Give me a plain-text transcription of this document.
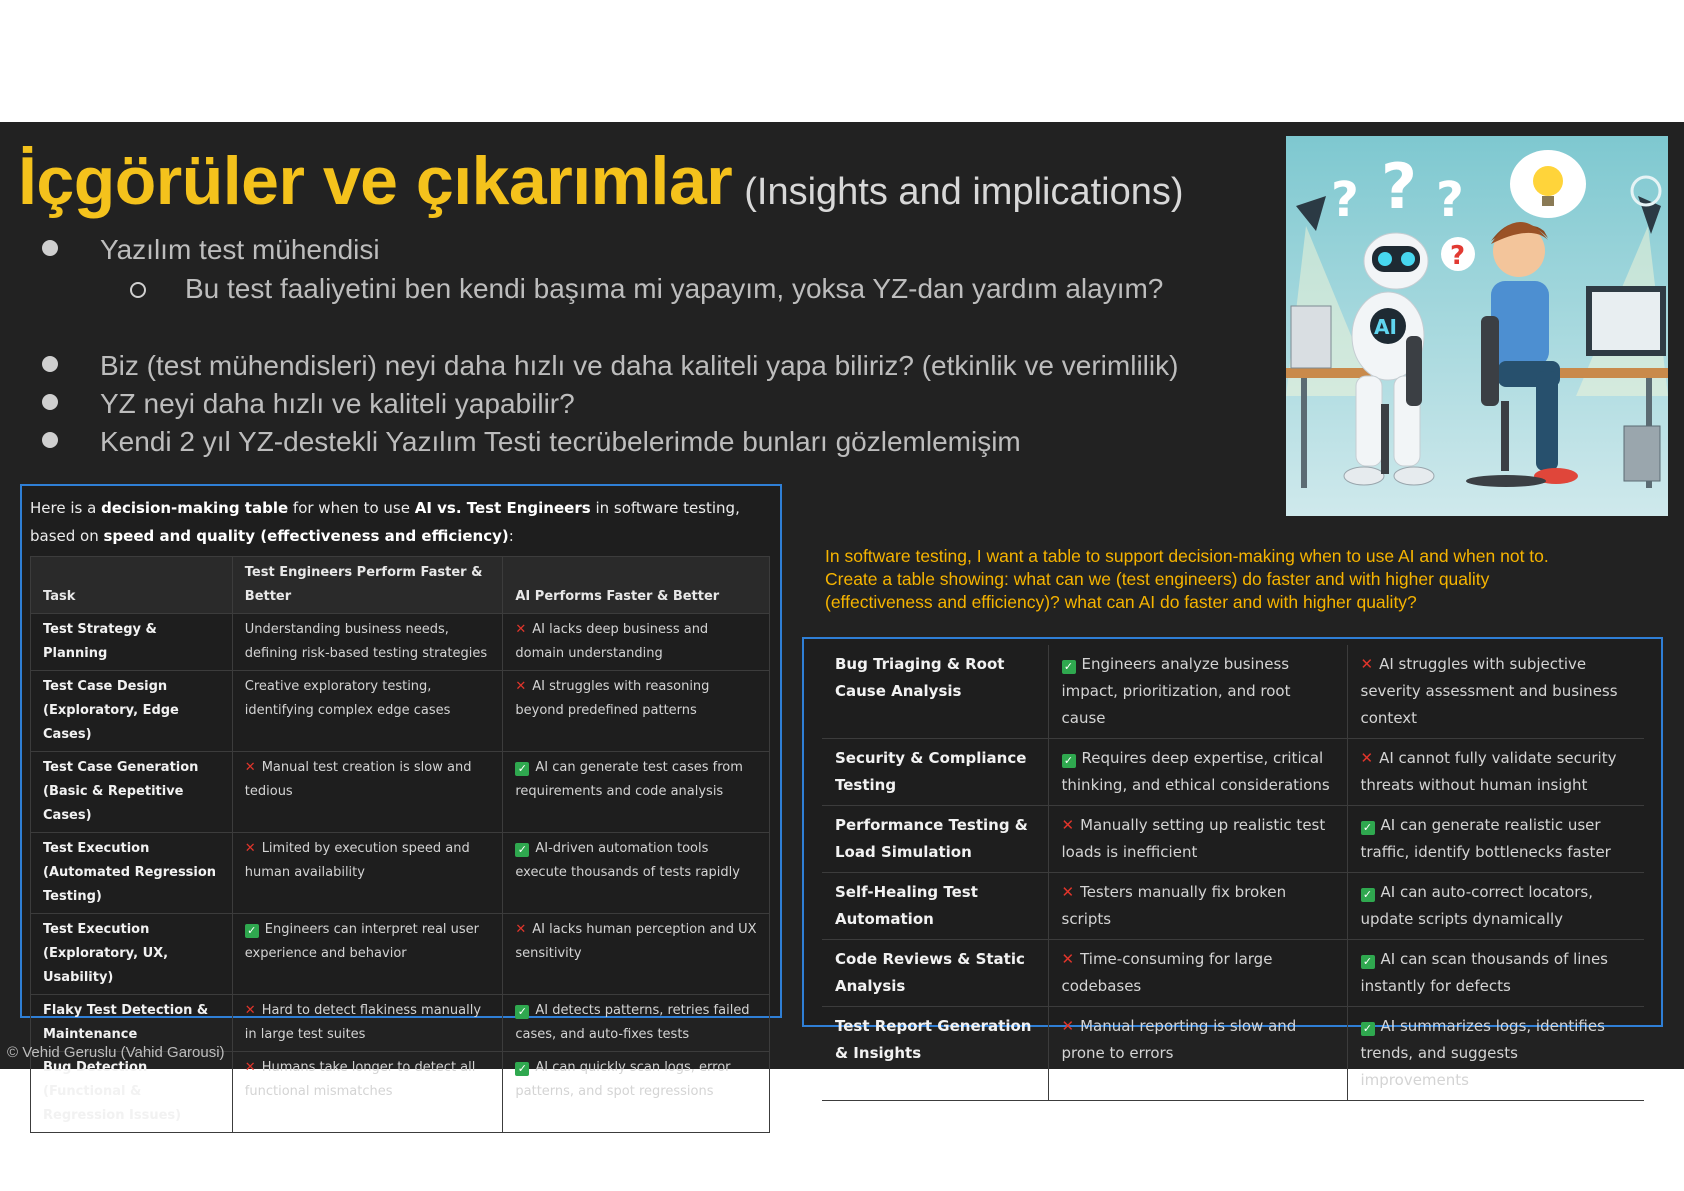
İçgörüler ve çıkarımlar (Insights and implications)
Yazılım test mühendisi
Bu test faaliyetini ben kendi başıma mi yapayım, yoksa YZ-dan yardım alayım?
Biz (test mühendisleri) neyi daha hızlı ve daha kaliteli yapa biliriz? (etkinlik ve verimlilik)
YZ neyi daha hızlı ve kaliteli yapabilir?
Kendi 2 yıl YZ-destekli Yazılım Testi tecrübelerimde bunları gözlemlemişim
? ? ?
?
AI
Here is a decision-making table for when to use AI vs. Test Engineers in software testing, based on speed and quality (effectiveness and efficiency):
Task	Test Engineers Perform Faster & Better	AI Performs Faster & Better
Test Strategy & Planning	Understanding business needs, defining risk-based testing strategies	✕ AI lacks deep business and domain understanding
Test Case Design (Exploratory, Edge Cases)	Creative exploratory testing, identifying complex edge cases	✕ AI struggles with reasoning beyond predefined patterns
Test Case Generation (Basic & Repetitive Cases)	✕ Manual test creation is slow and tedious	✓ AI can generate test cases from requirements and code analysis
Test Execution (Automated Regression Testing)	✕ Limited by execution speed and human availability	✓ AI-driven automation tools execute thousands of tests rapidly
Test Execution (Exploratory, UX, Usability)	✓ Engineers can interpret real user experience and behavior	✕ AI lacks human perception and UX sensitivity
Flaky Test Detection & Maintenance	✕ Hard to detect flakiness manually in large test suites	✓ AI detects patterns, retries failed cases, and auto-fixes tests
Bug Detection (Functional & Regression Issues)	✕ Humans take longer to detect all functional mismatches	✓ AI can quickly scan logs, error patterns, and spot regressions
In software testing, I want a table to support decision-making when to use AI and when not to.
Create a table showing: what can we (test engineers) do faster and with higher quality
(effectiveness and efficiency)? what can AI do faster and with higher quality?
Bug Triaging & Root Cause Analysis	✓ Engineers analyze business impact, prioritization, and root cause	✕ AI struggles with subjective severity assessment and business context
Security & Compliance Testing	✓ Requires deep expertise, critical thinking, and ethical considerations	✕ AI cannot fully validate security threats without human insight
Performance Testing & Load Simulation	✕ Manually setting up realistic test loads is inefficient	✓ AI can generate realistic user traffic, identify bottlenecks faster
Self-Healing Test Automation	✕ Testers manually fix broken scripts	✓ AI can auto-correct locators, update scripts dynamically
Code Reviews & Static Analysis	✕ Time-consuming for large codebases	✓ AI can scan thousands of lines instantly for defects
Test Report Generation & Insights	✕ Manual reporting is slow and prone to errors	✓ AI summarizes logs, identifies trends, and suggests improvements
© Vehid Geruslu (Vahid Garousi)
